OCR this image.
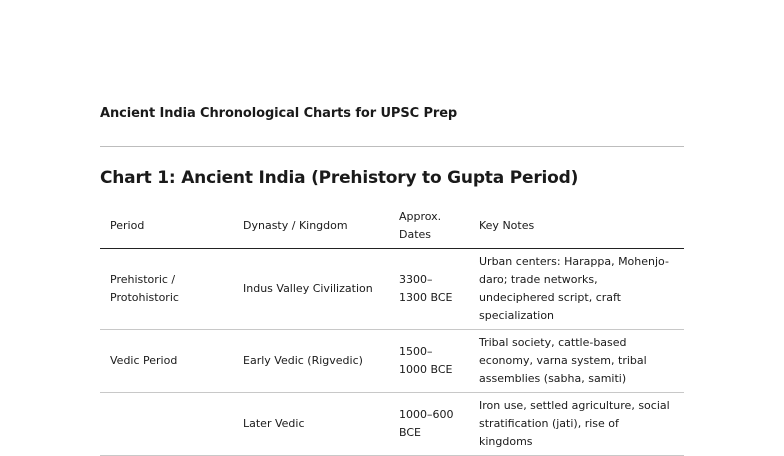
Ancient India Chronological Charts for UPSC Prep
Chart 1: Ancient India (Prehistory to Gupta Period)
Period	Dynasty / Kingdom	Approx. Dates	Key Notes
Prehistoric / Protohistoric	Indus Valley Civilization	3300–1300 BCE	Urban centers: Harappa, Mohenjo-daro; trade networks, undeciphered script, craft specialization
Vedic Period	Early Vedic (Rigvedic)	1500–1000 BCE	Tribal society, cattle-based economy, varna system, tribal assemblies (sabha, samiti)
	Later Vedic	1000–600 BCE	Iron use, settled agriculture, social stratification (jati), rise of kingdoms
